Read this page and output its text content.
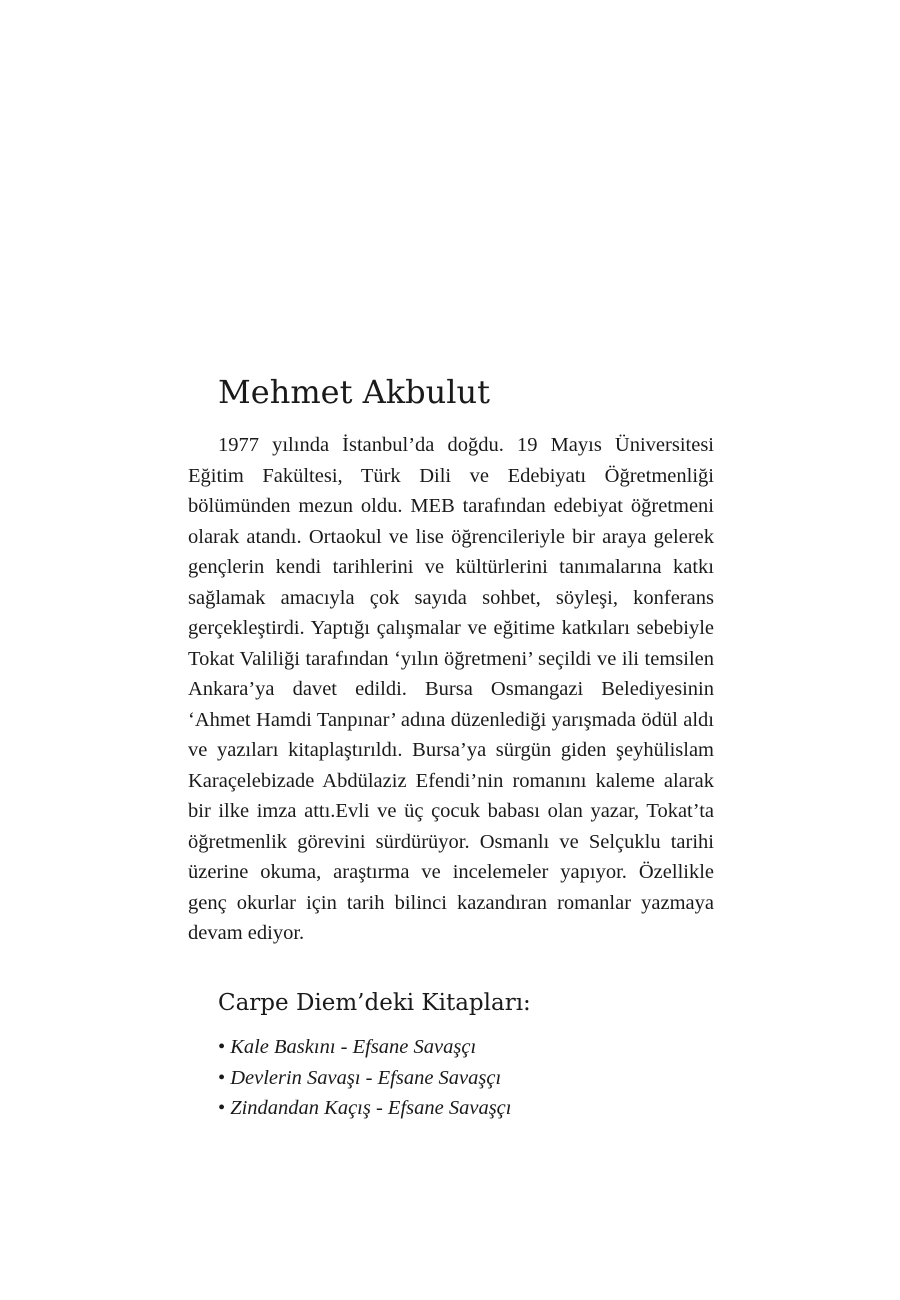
Mehmet Akbulut

1977 yılında İstanbul’da doğdu. 19 Mayıs Üniversitesi Eğitim Fakültesi, Türk Dili ve Edebiyatı Öğretmenliği bölümünden mezun oldu. MEB tarafından edebiyat öğretmeni olarak atandı. Ortaokul ve lise öğrencileriyle bir araya gelerek gençlerin kendi tarihlerini ve kültürlerini tanımalarına katkı sağlamak amacıyla çok sayıda sohbet, söyleşi, konferans gerçekleştirdi. Yaptığı çalışmalar ve eğitime katkıları sebebiyle Tokat Valiliği tarafından ‘yılın öğretmeni’ seçildi ve ili temsilen Ankara’ya davet edildi. Bursa Osmangazi Belediyesinin ‘Ahmet Hamdi Tanpınar’ adına düzenlediği yarışmada ödül aldı ve yazıları kitaplaştırıldı. Bursa’ya sürgün giden şeyhülislam Karaçelebizade Abdülaziz Efendi’nin romanını kaleme alarak bir ilke imza attı.Evli ve üç çocuk babası olan yazar, Tokat’ta öğretmenlik görevini sürdürüyor. Osmanlı ve Selçuklu tarihi üzerine okuma, araştırma ve incelemeler yapıyor. Özellikle genç okurlar için tarih bilinci kazandıran romanlar yazmaya devam ediyor.

Carpe Diem’deki Kitapları:
• Kale Baskını - Efsane Savaşçı
• Devlerin Savaşı - Efsane Savaşçı
• Zindandan Kaçış - Efsane Savaşçı
